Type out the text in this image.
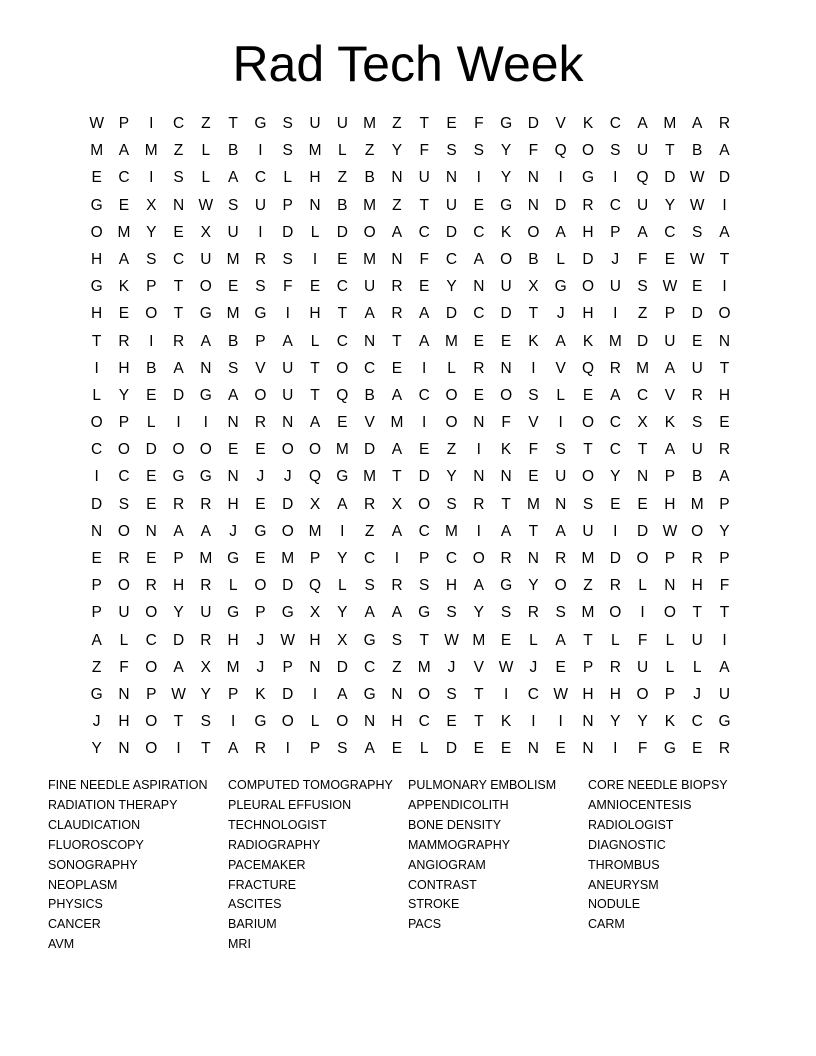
Rad Tech Week
W P	I	C	Z	T	G	S	U	U M	Z	T	E	F	G	D	V	K	C	A	M	A	R
M	A	M	Z	L	B	I	S	M	L	Z	Y	F	S	S	Y	F	Q O	S	U	T	B	A
E	C	I	S	L	A	C	L	H	Z	B	N	U	N	I	Y	N	I	G	I	Q	D W D
G	E	X	N W S	U	P	N	B	M	Z	T	U	E	G	N	D	R	C	U	Y W	I
O M	Y	E	X	U	I	D	L	D	O	A	C	D	C	K	O	A	H	P	A	C	S	A
H	A	S	C	U M R	S	I	E	M N	F	C	A	O	B	L	D	J	F	E W T
G	K	P	T	O	E	S	F	E	C	U	R	E	Y	N	U	X	G O	U	S W E	I
H	E	O	T	G M G	I	H	T	A	R	A	D	C	D	T	J	H	I	Z	P	D	O
T	R	I	R	A	B	P	A	L	C	N	T	A	M	E	E	K	A	K	M D	U	E	N
I	H	B	A	N	S	V	U	T	O	C	E	I	L	R	N	I	V	Q	R M	A	U	T
L	Y	E	D	G	A	O	U	T	Q	B	A	C	O	E	O	S	L	E	A	C	V	R	H
O	P	L	I	I	N	R	N	A	E	V	M	I	O	N	F	V	I	O	C	X	K	S	E
C	O	D	O O	E	E	O O M D	A	E	Z	I	K	F	S	T	C	T	A	U	R
I	C	E	G G	N	J	J	Q G M	T	D	Y	N	N	E	U	O	Y	N	P	B	A
D	S	E	R	R	H	E	D	X	A	R	X	O	S	R	T	M N	S	E	E	H M	P
N	O	N	A	A	J	G O M	I	Z	A	C M	I	A	T	A	U	I	D W O	Y
E	R	E	P	M G	E	M	P	Y	C	I	P	C	O	R	N	R M D	O	P	R	P
P	O	R	H	R	L	O	D	Q	L	S	R	S	H	A	G	Y	O	Z	R	L	N	H	F
P	U	O	Y	U	G	P	G	X	Y	A	A	G	S	Y	S	R	S	M O	I	O	T	T
A	L	C	D	R	H	J	W H	X	G	S	T W M	E	L	A	T	L	F	L	U	I
Z	F	O	A	X	M	J	P	N	D	C	Z	M	J	V W	J	E	P	R	U	L	L	A
G	N	P W Y	P	K	D	I	A	G	N	O	S	T	I	C W H	H	O	P	J	U
J	H	O	T	S	I	G O	L	O	N	H	C	E	T	K	I	I	N	Y	Y	K	C	G
Y	N	O	I	T	A	R	I	P	S	A	E	L	D	E	E	N	E	N	I	F	G	E	R
FINE NEEDLE ASPIRATION
RADIATION THERAPY
CLAUDICATION
FLUOROSCOPY
SONOGRAPHY
NEOPLASM
PHYSICS
CANCER
AVM
COMPUTED TOMOGRAPHY
PLEURAL EFFUSION
TECHNOLOGIST
RADIOGRAPHY
PACEMAKER
FRACTURE
ASCITES
BARIUM
MRI
PULMONARY EMBOLISM
APPENDICOLITH
BONE DENSITY
MAMMOGRAPHY
ANGIOGRAM
CONTRAST
STROKE
PACS
CORE NEEDLE BIOPSY
AMNIOCENTESIS
RADIOLOGIST
DIAGNOSTIC
THROMBUS
ANEURYSM
NODULE
CARM
